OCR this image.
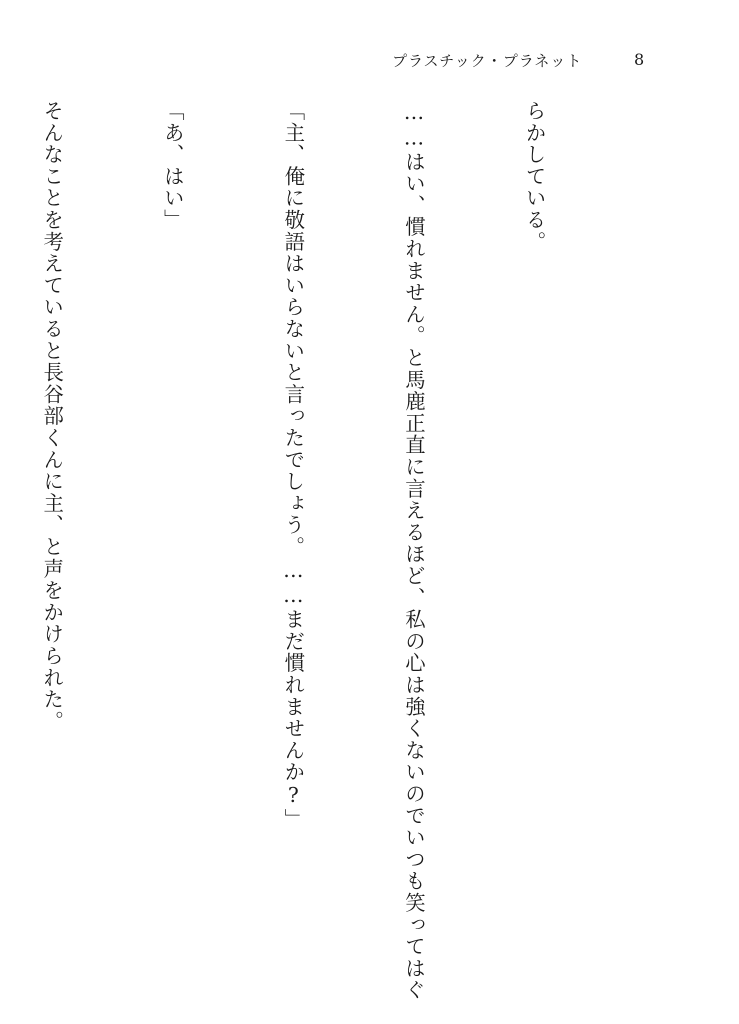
プラスチック・プラネット	8

らかしている。

……はい、慣れません。と馬鹿正直に言えるほど、私の心は強くないのでいつも笑ってはぐ

「主、俺に敬語はいらないと言ったでしょう。……まだ慣れませんか?」

「あ、はい」

そんなことを考えていると長谷部くんに主、と声をかけられた。
